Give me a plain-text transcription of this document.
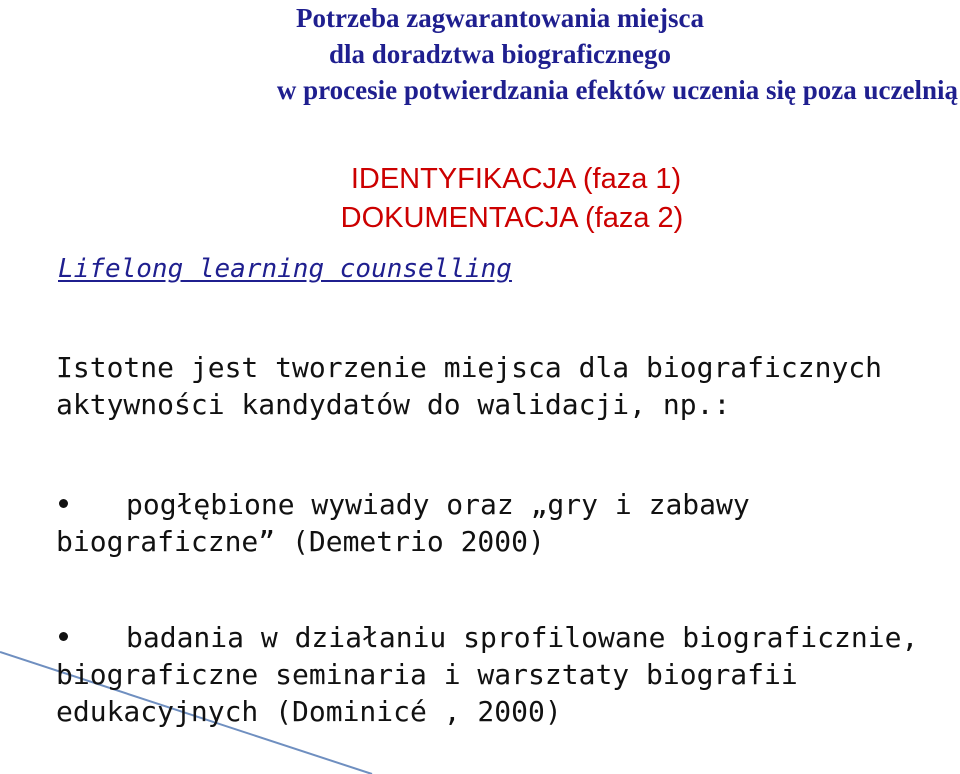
Potrzeba zagwarantowania miejsca
dla doradztwa biograficznego
w procesie potwierdzania efektów uczenia się poza uczelnią
IDENTYFIKACJA (faza 1)
DOKUMENTACJA (faza 2)
Lifelong learning counselling
Istotne jest tworzenie miejsca dla biograficznych
aktywności kandydatów do walidacji, np.:
pogłębione wywiady oraz „gry i zabawy
biograficzne” (Demetrio 2000)
badania w działaniu sprofilowane biograficznie,
biograficzne seminaria i warsztaty biografii
edukacyjnych (Dominicé , 2000)
